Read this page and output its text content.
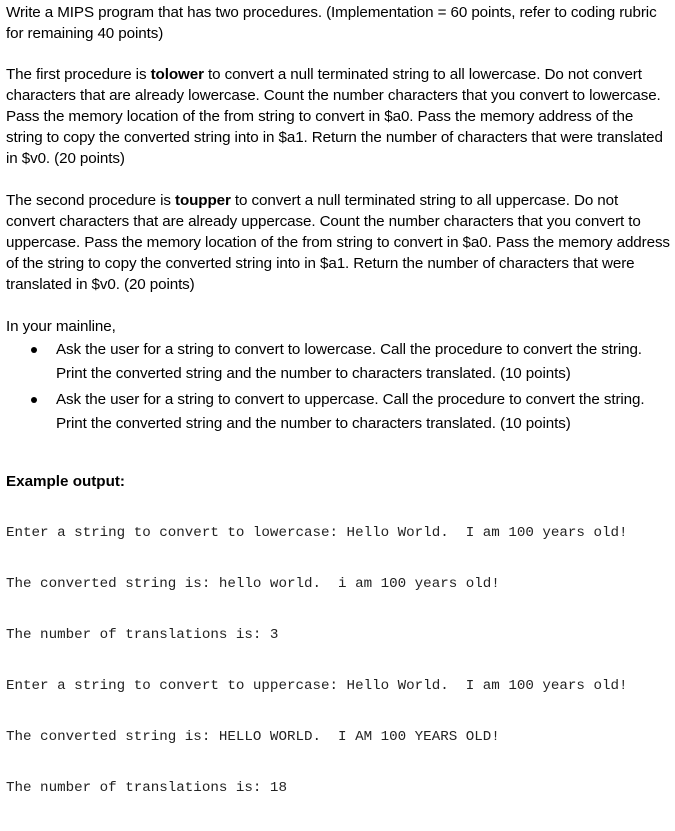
Write a MIPS program that has two procedures. (Implementation = 60 points, refer to coding rubric for remaining 40 points)

The first procedure is tolower to convert a null terminated string to all lowercase. Do not convert characters that are already lowercase. Count the number characters that you convert to lowercase. Pass the memory location of the from string to convert in $a0. Pass the memory address of the string to copy the converted string into in $a1. Return the number of characters that were translated in $v0. (20 points)

The second procedure is toupper to convert a null terminated string to all uppercase. Do not convert characters that are already uppercase. Count the number characters that you convert to uppercase. Pass the memory location of the from string to convert in $a0. Pass the memory address of the string to copy the converted string into in $a1. Return the number of characters that were translated in $v0. (20 points)

In your mainline,

Ask the user for a string to convert to lowercase. Call the procedure to convert the string. Print the converted string and the number to characters translated. (10 points)
Ask the user for a string to convert to uppercase. Call the procedure to convert the string. Print the converted string and the number to characters translated. (10 points)

Example output:

Enter a string to convert to lowercase: Hello World.  I am 100 years old!

The converted string is: hello world.  i am 100 years old!

The number of translations is: 3

Enter a string to convert to uppercase: Hello World.  I am 100 years old!

The converted string is: HELLO WORLD.  I AM 100 YEARS OLD!

The number of translations is: 18
